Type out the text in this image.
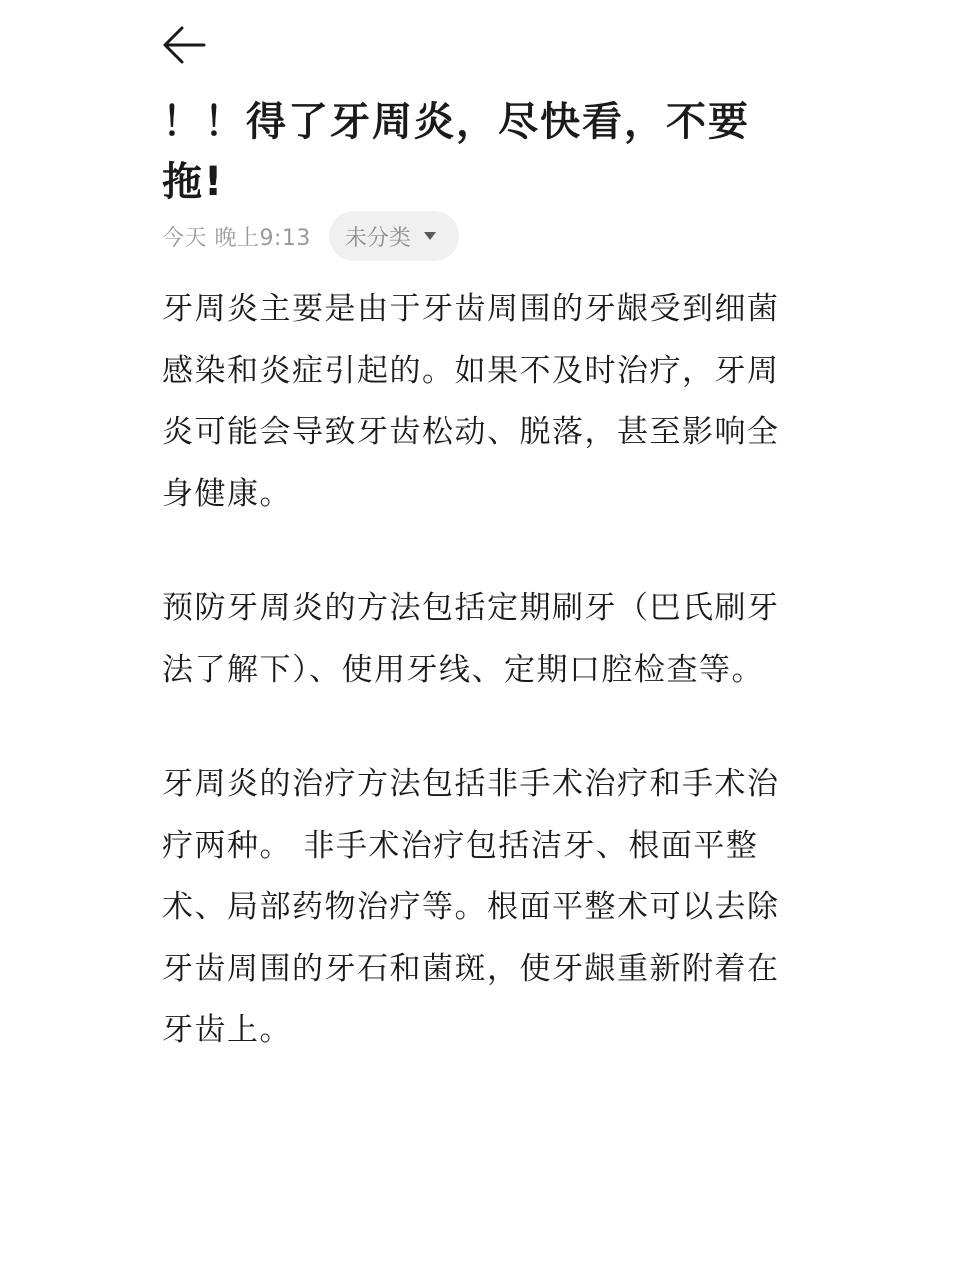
！！得了牙周炎，尽快看，不要拖!
今天 晚上9:13 未分类

牙周炎主要是由于牙齿周围的牙龈受到细菌感染和炎症引起的。如果不及时治疗，牙周炎可能会导致牙齿松动、脱落，甚至影响全身健康。

预防牙周炎的方法包括定期刷牙（巴氏刷牙法了解下）、使用牙线、定期口腔检查等。

牙周炎的治疗方法包括非手术治疗和手术治疗两种。 非手术治疗包括洁牙、根面平整术、局部药物治疗等。根面平整术可以去除牙齿周围的牙石和菌斑，使牙龈重新附着在牙齿上。
